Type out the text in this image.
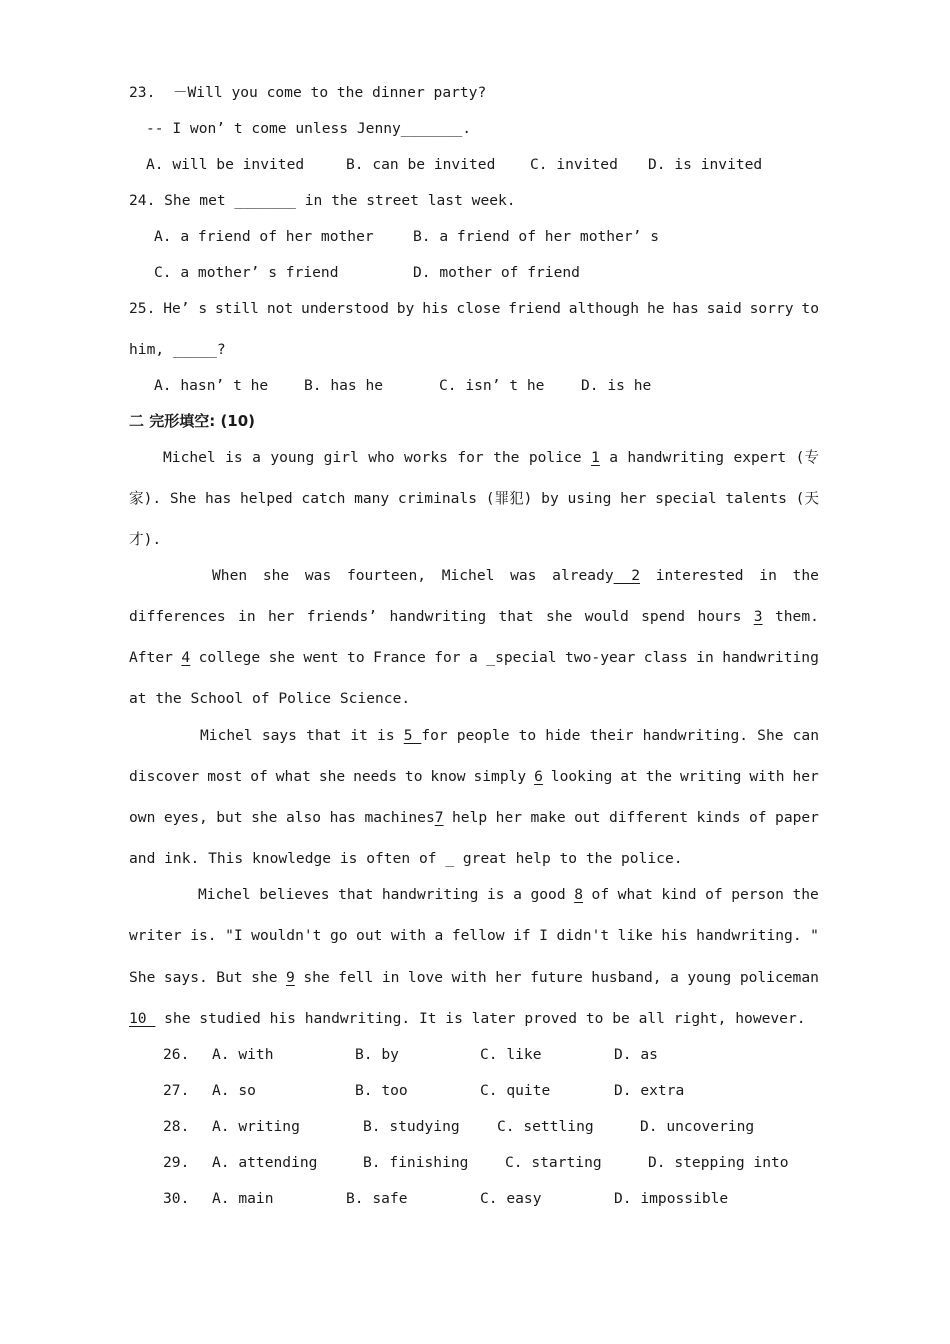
23.  －Will you come to the dinner party?
-- I won’ t come unless Jenny_______.
A. will be invited	B. can be invited C. invited D. is invited
24. She met _______ in the street last week.
A. a friend of her mother	B. a friend of her mother’ s
C. a mother’ s friend	D. mother of friend
25. He’ s still not understood by his close friend although he has said sorry to
him, _____?
A. hasn’ t he B. has he	C. isn’ t he	D. is he
二 完形填空: (10)
Michel is a young girl who works for the police 1 a handwriting expert (专
家). She has helped catch many criminals (罪犯) by using her special talents (天
才).
When she was fourteen, Michel was already__2 interested in the
differences in her friends’ handwriting that she would spend hours 3 them.
After 4 college she went to France for a _special two-year class in handwriting
at the School of Police Science.
Michel says that it is 5 for people to hide their handwriting. She can
discover most of what she needs to know simply 6 looking at the writing with her
own eyes, but she also has machines7 help her make out different kinds of paper
and ink. This knowledge is often of _ great help to the police.
Michel believes that handwriting is a good 8 of what kind of person the
writer is. "I wouldn't go out with a fellow if I didn't like his handwriting. "
She says. But she 9 she fell in love with her future husband, a young policeman
10  she studied his handwriting. It is later proved to be all right, however.
26. A. with	B. by	C. like	D. as
27. A. so	B. too	C. quite	D. extra
28. A. writing	B. studying	C. settling	D. uncovering
29. A. attending	B. finishing	C. starting	D. stepping into
30. A. main	B. safe	C. easy	D. impossible
